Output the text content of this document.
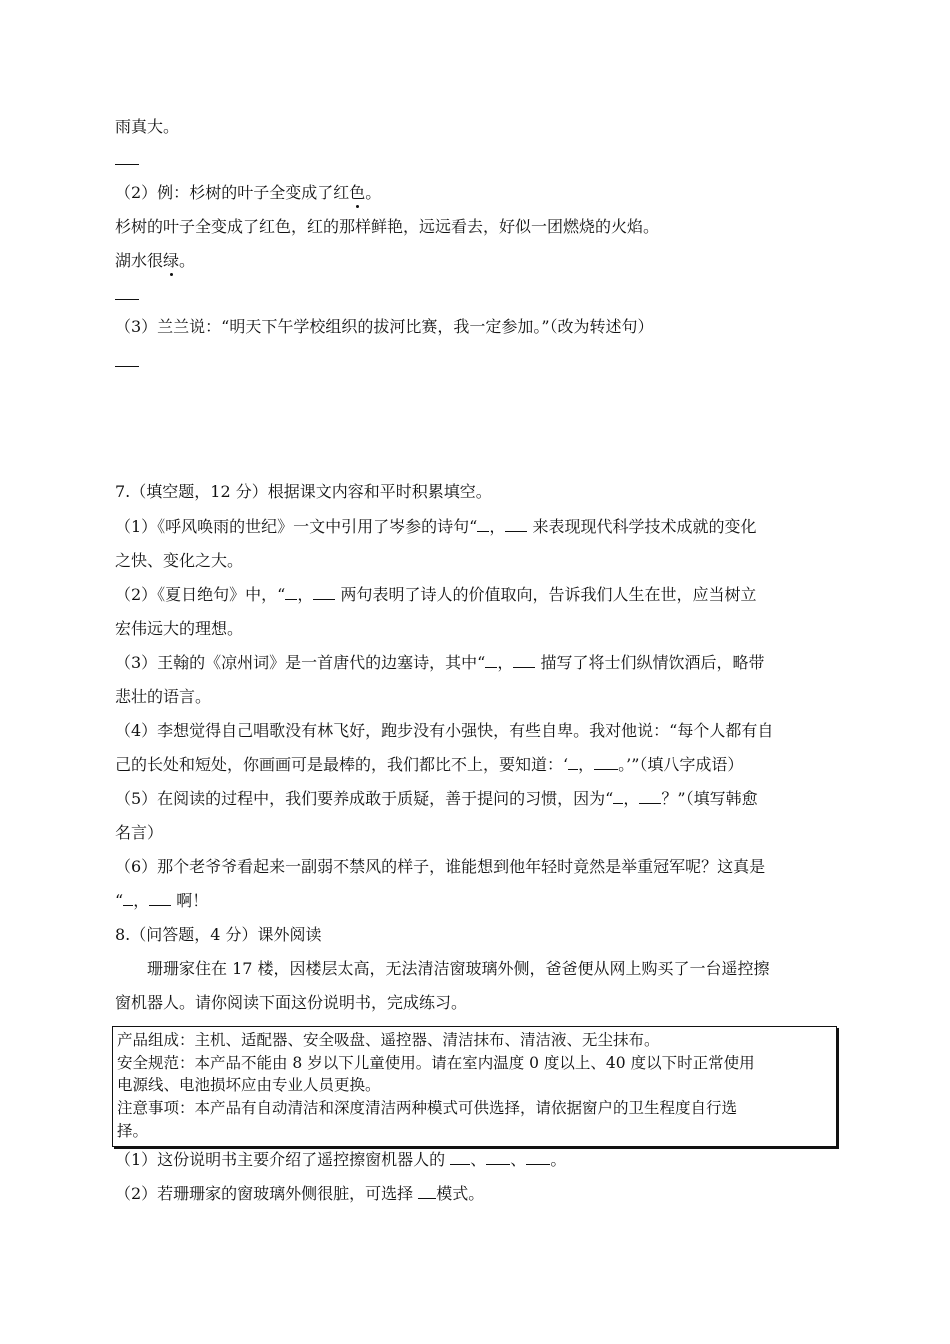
雨真大。
（2）例：杉树的叶子全变成了红色。
杉树的叶子全变成了红色，红的那样鲜艳，远远看去，好似一团燃烧的火焰。
湖水很绿。
（3）兰兰说：“明天下午学校组织的拔河比赛，我一定参加。”（改为转述句）
7.（填空题，12 分）根据课文内容和平时积累填空。
（1）《呼风唤雨的世纪》一文中引用了岑参的诗句“ ， 来表现现代科学技术成就的变化
之快、变化之大。
（2）《夏日绝句》中，“ ， 两句表明了诗人的价值取向，告诉我们人生在世，应当树立
宏伟远大的理想。
（3）王翰的《凉州词》是一首唐代的边塞诗，其中“ ， 描写了将士们纵情饮酒后，略带
悲壮的语言。
（4）李想觉得自己唱歌没有林飞好，跑步没有小强快，有些自卑。我对他说：“每个人都有自
己的长处和短处，你画画可是最棒的，我们都比不上，要知道：‘ ， 。’”（填八字成语）
（5）在阅读的过程中，我们要养成敢于质疑，善于提问的习惯，因为“ ， ？”（填写韩愈
名言）
（6）那个老爷爷看起来一副弱不禁风的样子，谁能想到他年轻时竟然是举重冠军呢？这真是
“ ， 啊！
8.（问答题，4 分）课外阅读
珊珊家住在 17 楼，因楼层太高，无法清洁窗玻璃外侧，爸爸便从网上购买了一台遥控擦
窗机器人。请你阅读下面这份说明书，完成练习。
产品组成：主机、适配器、安全吸盘、遥控器、清洁抹布、清洁液、无尘抹布。
安全规范：本产品不能由 8 岁以下儿童使用。请在室内温度 0 度以上、40 度以下时正常使用
电源线、电池损坏应由专业人员更换。
注意事项：本产品有自动清洁和深度清洁两种模式可供选择，请依据窗户的卫生程度自行选
择。
（1）这份说明书主要介绍了遥控擦窗机器人的 、 、 。
（2）若珊珊家的窗玻璃外侧很脏，可选择 模式。
